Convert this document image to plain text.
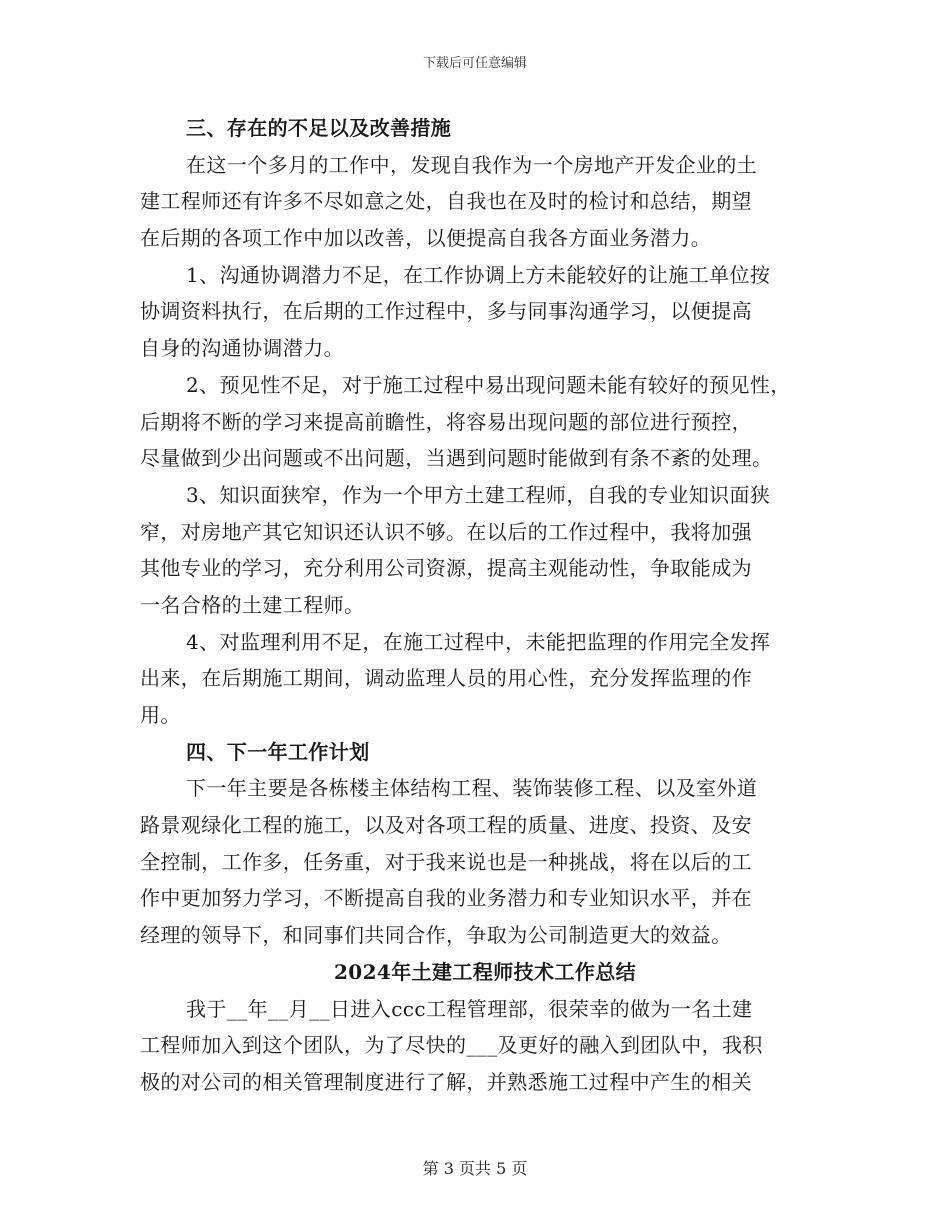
下载后可任意编辑
三、存在的不足以及改善措施
在这一个多月的工作中，发现自我作为一个房地产开发企业的土
建工程师还有许多不尽如意之处，自我也在及时的检讨和总结，期望
在后期的各项工作中加以改善，以便提高自我各方面业务潜力。
1、沟通协调潜力不足，在工作协调上方未能较好的让施工单位按
协调资料执行，在后期的工作过程中，多与同事沟通学习，以便提高
自身的沟通协调潜力。
2、预见性不足，对于施工过程中易出现问题未能有较好的预见性，
后期将不断的学习来提高前瞻性，将容易出现问题的部位进行预控，
尽量做到少出问题或不出问题，当遇到问题时能做到有条不紊的处理。
3、知识面狭窄，作为一个甲方土建工程师，自我的专业知识面狭
窄，对房地产其它知识还认识不够。在以后的工作过程中，我将加强
其他专业的学习，充分利用公司资源，提高主观能动性，争取能成为
一名合格的土建工程师。
4、对监理利用不足，在施工过程中，未能把监理的作用完全发挥
出来，在后期施工期间，调动监理人员的用心性，充分发挥监理的作
用。
四、下一年工作计划
下一年主要是各栋楼主体结构工程、装饰装修工程、以及室外道
路景观绿化工程的施工，以及对各项工程的质量、进度、投资、及安
全控制，工作多，任务重，对于我来说也是一种挑战，将在以后的工
作中更加努力学习，不断提高自我的业务潜力和专业知识水平，并在
经理的领导下，和同事们共同合作，争取为公司制造更大的效益。
2024年土建工程师技术工作总结
我于__年__月__日进入ccc工程管理部，很荣幸的做为一名土建
工程师加入到这个团队，为了尽快的___及更好的融入到团队中，我积
极的对公司的相关管理制度进行了解，并熟悉施工过程中产生的相关
第 3 页共 5 页
